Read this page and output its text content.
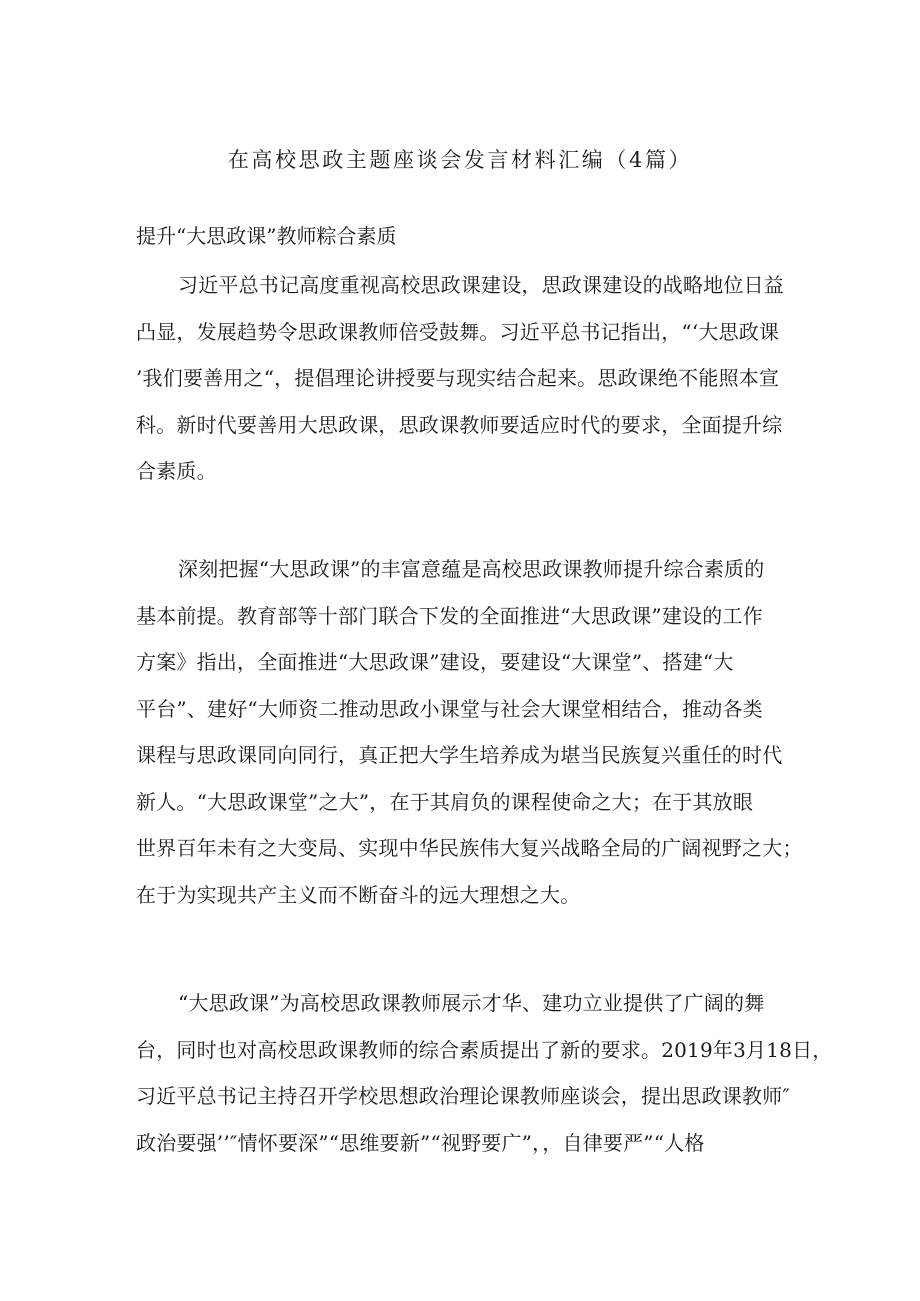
在高校思政主题座谈会发言材料汇编（4篇）
提升“大思政课”教师粽合素质
习近平总书记高度重视高校思政课建设，思政课建设的战略地位日益
凸显，发展趋势令思政课教师倍受鼓舞。习近平总书记指出，“‘大思政课
’我们要善用之“，提倡理论讲授要与现实结合起来。思政课绝不能照本宣
科。新时代要善用大思政课，思政课教师要适应时代的要求，全面提升综
合素质。
深刻把握“大思政课”的丰富意蕴是高校思政课教师提升综合素质的
基本前提。教育部等十部门联合下发的全面推进“大思政课”建设的工作
方案》指出，全面推进“大思政课”建设，要建设“大课堂”、搭建“大
平台”、建好“大师资二推动思政小课堂与社会大课堂相结合，推动各类
课程与思政课同向同行，真正把大学生培养成为堪当民族复兴重任的时代
新人。“大思政课堂”之大”，在于其肩负的课程使命之大；在于其放眼
世界百年未有之大变局、实现中华民族伟大复兴战略全局的广阔视野之大；
在于为实现共产主义而不断奋斗的远大理想之大。
“大思政课”为高校思政课教师展示才华、建功立业提供了广阔的舞
台，同时也对高校思政课教师的综合素质提出了新的要求。2019年3月18日，
习近平总书记主持召开学校思想政治理论课教师座谈会，提出思政课教师″
政治要强’’″情怀要深”“思维要新”“视野要广”，，自律要严”“人格
